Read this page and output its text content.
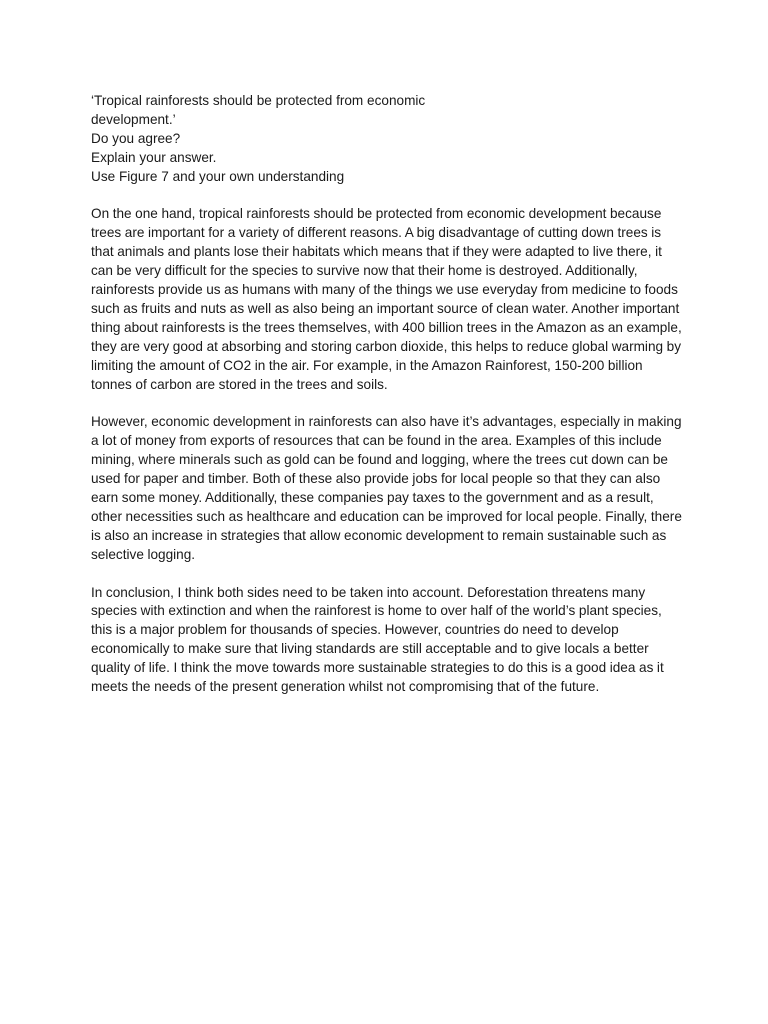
‘Tropical rainforests should be protected from economic

development.’

Do you agree?

Explain your answer.

Use Figure 7 and your own understanding

On the one hand, tropical rainforests should be protected from economic development because trees are important for a variety of different reasons. A big disadvantage of cutting down trees is that animals and plants lose their habitats which means that if they were adapted to live there, it can be very difficult for the species to survive now that their home is destroyed. Additionally, rainforests provide us as humans with many of the things we use everyday from medicine to foods such as fruits and nuts as well as also being an important source of clean water. Another important thing about rainforests is the trees themselves, with 400 billion trees in the Amazon as an example, they are very good at absorbing and storing carbon dioxide, this helps to reduce global warming by limiting the amount of CO2 in the air. For example, in the Amazon Rainforest, 150-200 billion tonnes of carbon are stored in the trees and soils.

However, economic development in rainforests can also have it’s advantages, especially in making a lot of money from exports of resources that can be found in the area. Examples of this include mining, where minerals such as gold can be found and logging, where the trees cut down can be used for paper and timber. Both of these also provide jobs for local people so that they can also earn some money. Additionally, these companies pay taxes to the government and as a result, other necessities such as healthcare and education can be improved for local people. Finally, there is also an increase in strategies that allow economic development to remain sustainable such as selective logging.

In conclusion, I think both sides need to be taken into account. Deforestation threatens many species with extinction and when the rainforest is home to over half of the world’s plant species, this is a major problem for thousands of species. However, countries do need to develop economically to make sure that living standards are still acceptable and to give locals a better quality of life. I think the move towards more sustainable strategies to do this is a good idea as it meets the needs of the present generation whilst not compromising that of the future.
